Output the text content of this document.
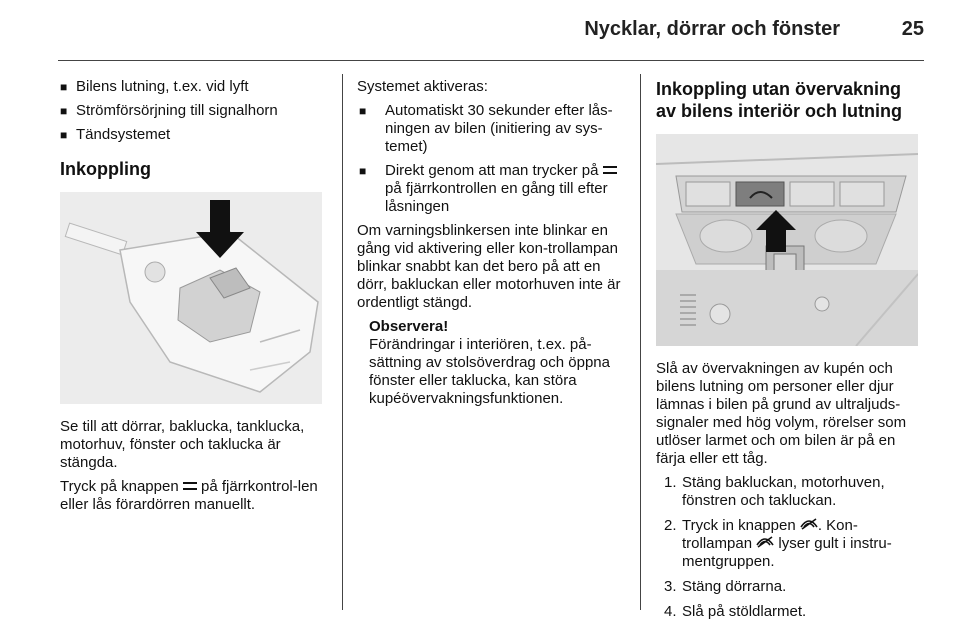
Nycklar, dörrar och fönster	25
■ Bilens lutning, t.ex. vid lyft
■ Strömförsörjning till signalhorn
■ Tändsystemet
Inkoppling

Se till att dörrar, baklucka, tanklucka, motorhuv, fönster och taklucka är stängda.

Tryck på knappen på fjärrkontrol-len eller lås förardörren manuellt.

Systemet aktiveras:

■ Automatiskt 30 sekunder efter lås-ningen av bilen (initiering av sys-temet)
■ Direkt genom att man trycker på  på fjärrkontrollen en gång till efter låsningen

Om varningsblinkersen inte blinkar en gång vid aktivering eller kon-trollampan blinkar snabbt kan det bero på att en dörr, bakluckan eller motorhuven inte är ordentligt stängd.

Observera!
Förändringar i interiören, t.ex. på-sättning av stolsöverdrag och öppna fönster eller taklucka, kan störa kupéövervakningsfunktionen.
Inkoppling utan övervakning av bilens interiör och lutning

Slå av övervakningen av kupén och bilens lutning om personer eller djur lämnas i bilen på grund av ultraljuds-signaler med hög volym, rörelser som utlöser larmet och om bilen är på en färja eller ett tåg.

1. Stäng bakluckan, motorhuven, fönstren och takluckan.
2. Tryck in knappen . Kon-trollampan lyser gult i instru-mentgruppen.
3. Stäng dörrarna.
4. Slå på stöldlarmet.
